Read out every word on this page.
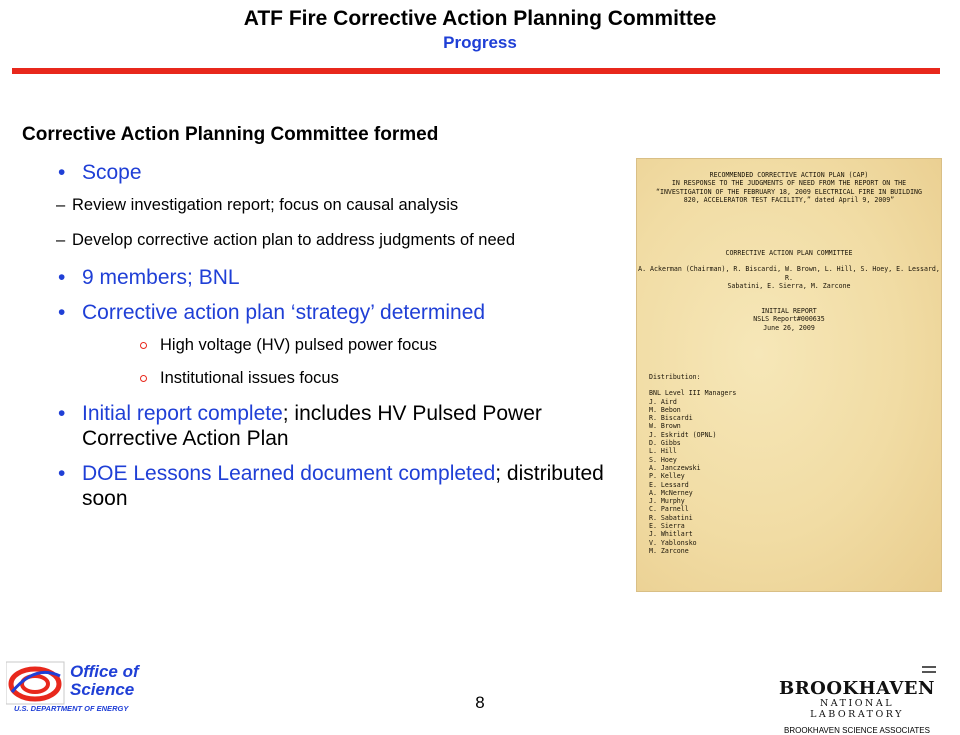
ATF Fire Corrective Action Planning Committee
Progress
Corrective Action Planning Committee formed
• Scope
– Review investigation report; focus on causal analysis
– Develop corrective action plan to address judgments of need
• 9 members; BNL
• Corrective action plan ‘strategy’ determined
High voltage (HV) pulsed power focus
Institutional issues focus
• Initial report complete; includes HV Pulsed Power Corrective Action Plan
• DOE Lessons Learned document completed; distributed soon
RECOMMENDED CORRECTIVE ACTION PLAN (CAP)
IN RESPONSE TO THE JUDGMENTS OF NEED FROM THE REPORT ON THE
“INVESTIGATION OF THE FEBRUARY 18, 2009 ELECTRICAL FIRE IN BUILDING
820, ACCELERATOR TEST FACILITY,” dated April 9, 2009”
CORRECTIVE ACTION PLAN COMMITTEE
A. Ackerman (Chairman), R. Biscardi, W. Brown, L. Hill, S. Hoey, E. Lessard, R.
Sabatini, E. Sierra, M. Zarcone
INITIAL REPORT
NSLS Report#000635
June 26, 2009
Distribution:
BNL Level III Managers
J. Aird
M. Bebon
R. Biscardi
W. Brown
J. Eskridt (OPNL)
D. Gibbs
L. Hill
S. Hoey
A. Janczewski
P. Kelley
E. Lessard
A. McNerney
J. Murphy
C. Parnell
R. Sabatini
E. Sierra
J. Whitlart
V. Yablonsko
M. Zarcone
Office of
Science
U.S. DEPARTMENT OF ENERGY	8
BROOKHAVEN
NATIONAL LABORATORY
BROOKHAVEN SCIENCE ASSOCIATES
